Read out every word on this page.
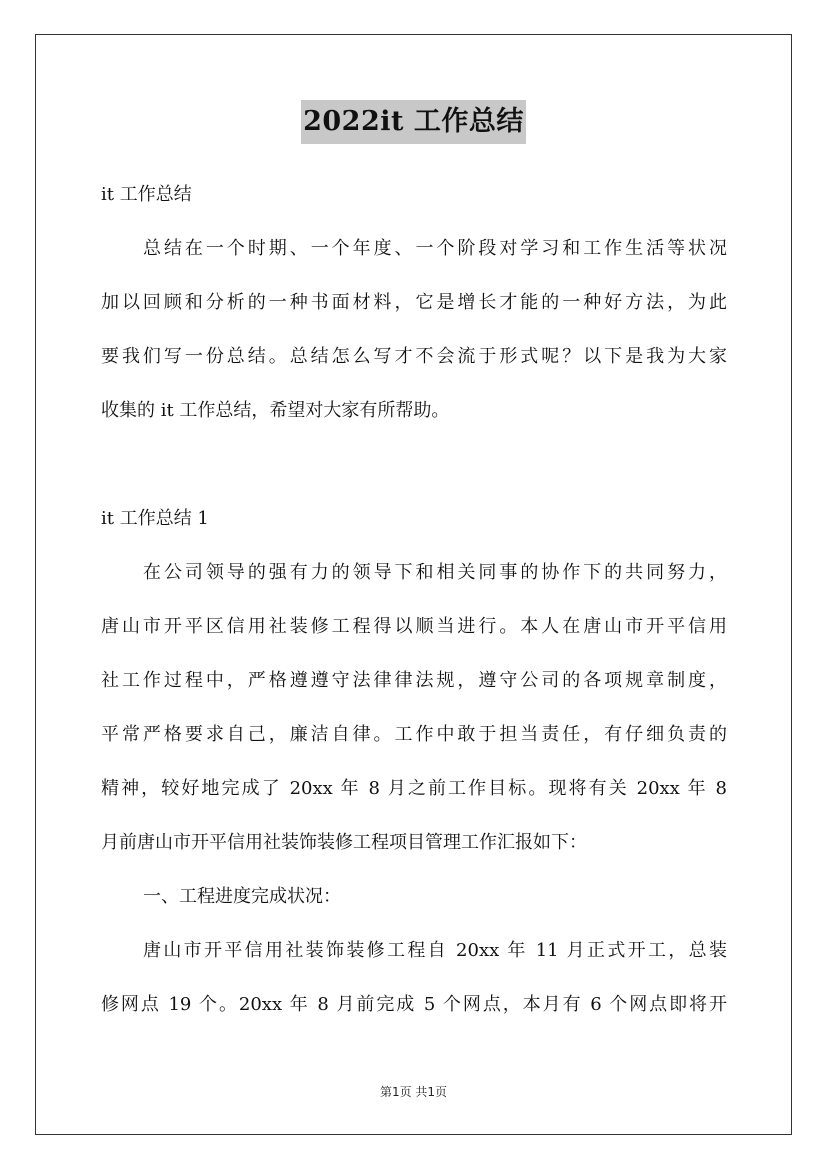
2022it 工作总结
it 工作总结
总结在一个时期、一个年度、一个阶段对学习和工作生活等状况
加以回顾和分析的一种书面材料，它是增长才能的一种好方法，为此
要我们写一份总结。总结怎么写才不会流于形式呢？以下是我为大家
收集的 it 工作总结，希望对大家有所帮助。
it 工作总结 1
在公司领导的强有力的领导下和相关同事的协作下的共同努力，
唐山市开平区信用社装修工程得以顺当进行。本人在唐山市开平信用
社工作过程中，严格遵遵守法律律法规，遵守公司的各项规章制度，
平常严格要求自己，廉洁自律。工作中敢于担当责任，有仔细负责的
精神，较好地完成了 20xx 年 8 月之前工作目标。现将有关 20xx 年 8
月前唐山市开平信用社装饰装修工程项目管理工作汇报如下：
一、工程进度完成状况：
唐山市开平信用社装饰装修工程自 20xx 年 11 月正式开工，总装
修网点 19 个。20xx 年 8 月前完成 5 个网点，本月有 6 个网点即将开
第1页 共1页
